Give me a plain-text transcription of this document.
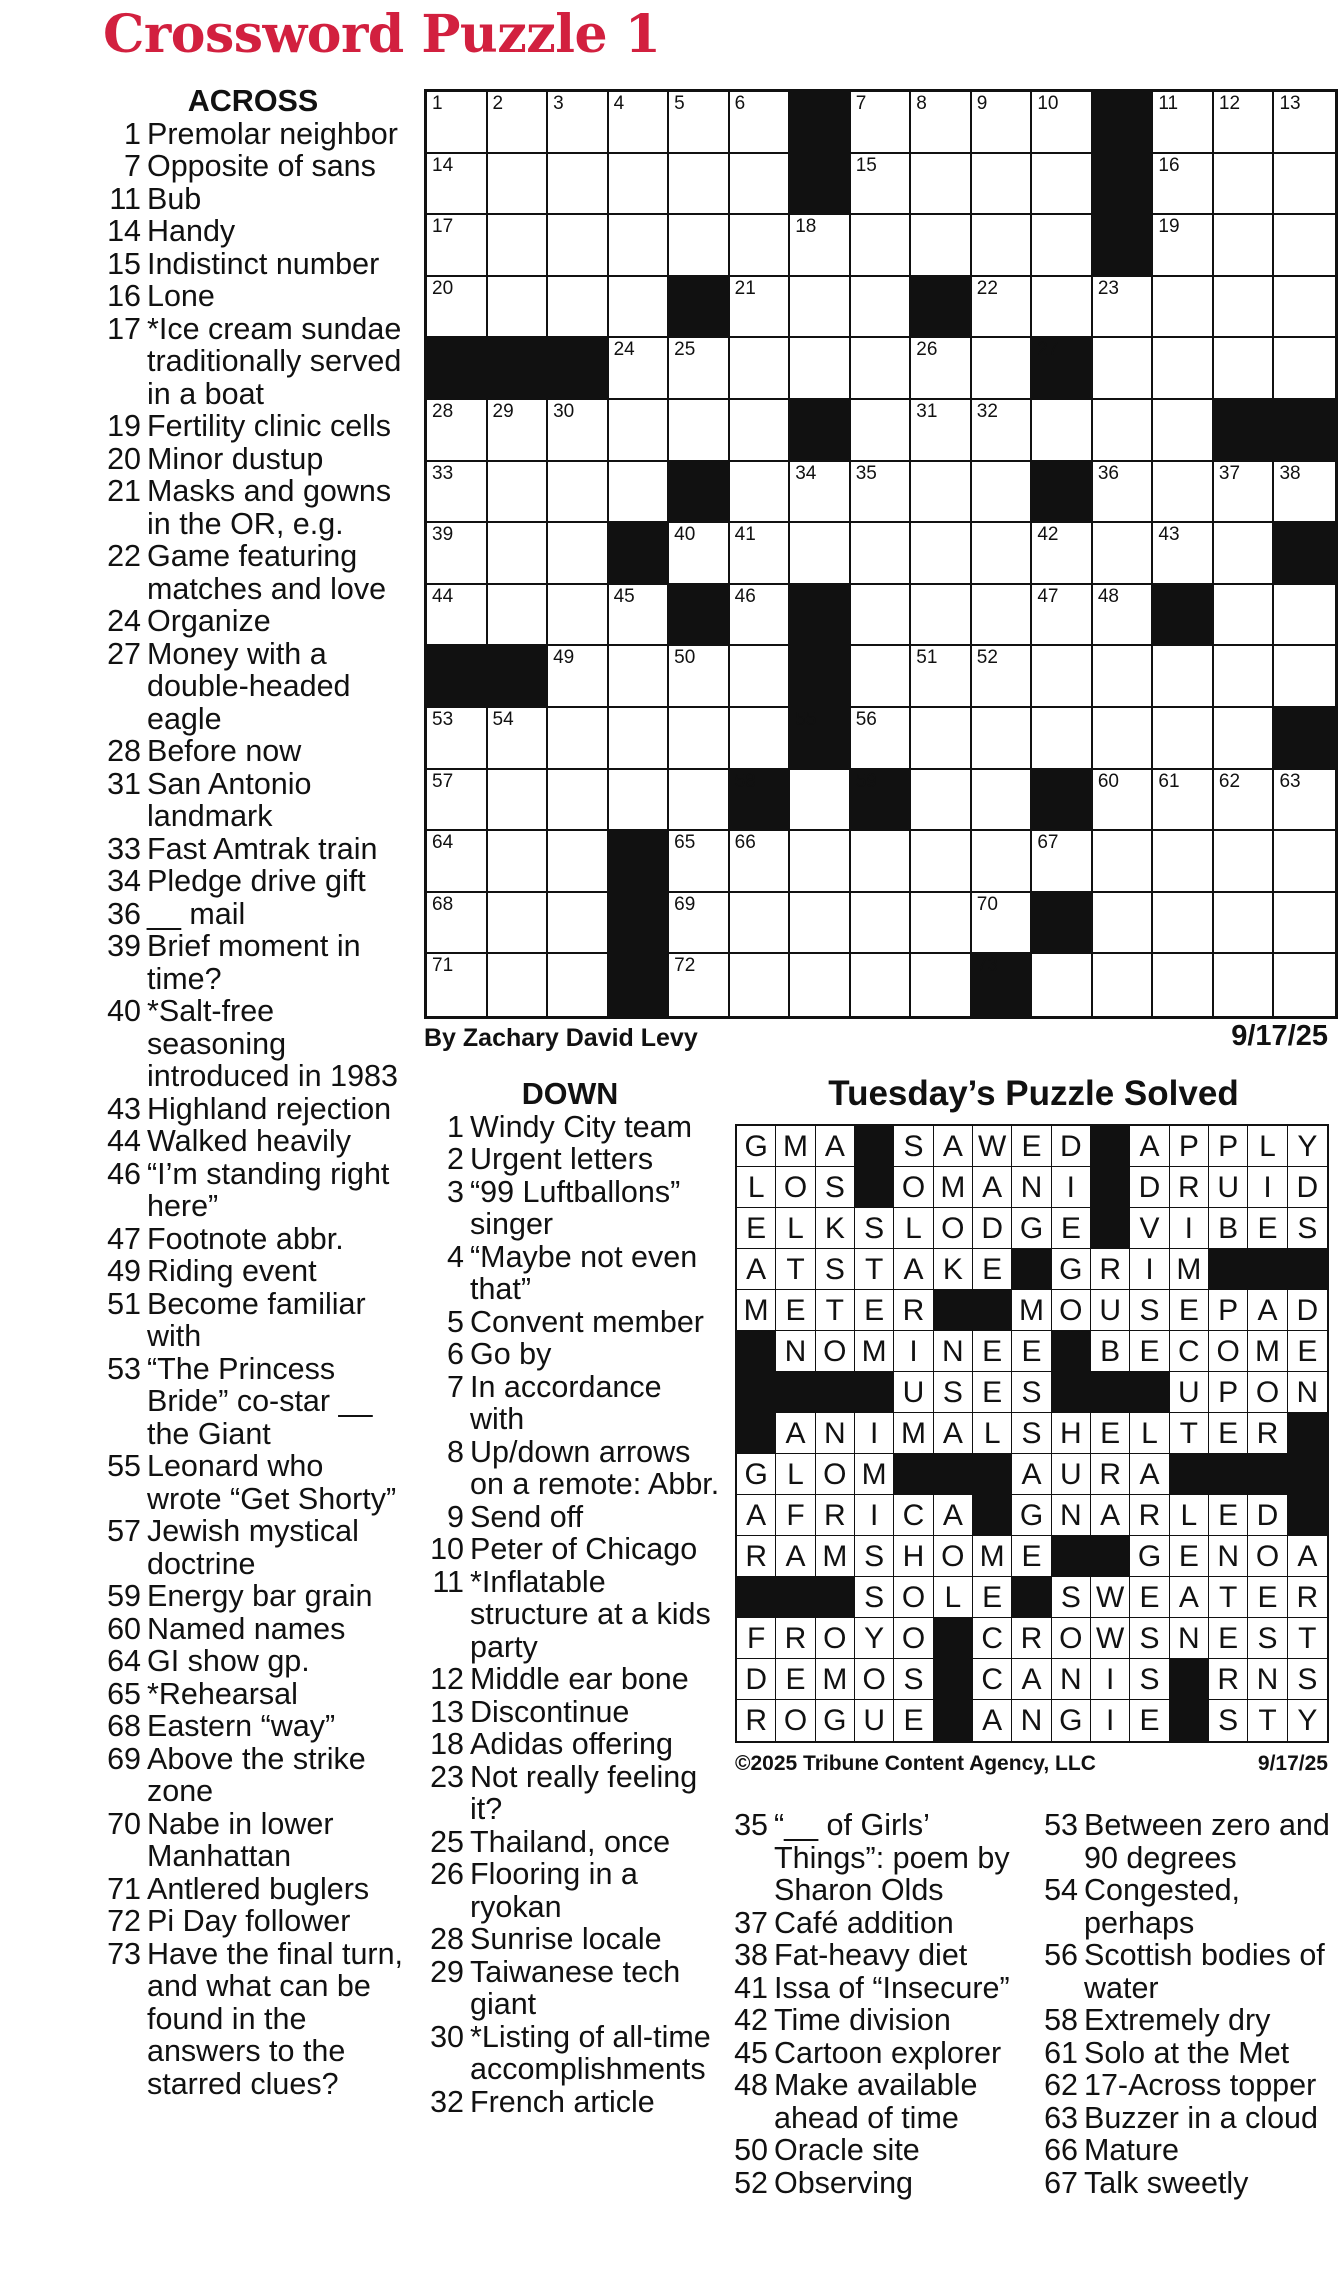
Crossword Puzzle 1
ACROSS
1 Premolar neighbor
7 Opposite of sans
11 Bub
14 Handy
15 Indistinct number
16 Lone
17 *Ice cream sundae traditionally served in a boat
19 Fertility clinic cells
20 Minor dustup
21 Masks and gowns in the OR, e.g.
22 Game featuring matches and love
24 Organize
27 Money with a double-headed eagle
28 Before now
31 San Antonio landmark
33 Fast Amtrak train
34 Pledge drive gift
36 __ mail
39 Brief moment in time?
40 *Salt-free seasoning introduced in 1983
43 Highland rejection
44 Walked heavily
46 “I’m standing right here”
47 Footnote abbr.
49 Riding event
51 Become familiar with
53 “The Princess Bride” co-star __ the Giant
55 Leonard who wrote “Get Shorty”
57 Jewish mystical doctrine
59 Energy bar grain
60 Named names
64 GI show gp.
65 *Rehearsal
68 Eastern “way”
69 Above the strike zone
70 Nabe in lower Manhattan
71 Antlered buglers
72 Pi Day follower
73 Have the final turn, and what can be found in the answers to the starred clues?
1	2	3	4	5	6	7	8	9	10	11 12 13
14	15	16
17	18	19
20	21	22	23
24 25	26	27
28 29 30	31 32
33	34 35	36	37 38
39	40 41	42	43
44	45	46	47 48
49	50	51 52
53 54	55 56
57	58	59	60 61 62 63
64	65 66	67
68	69	70
71	72	73
By Zachary David Levy	9/17/25
DOWN
1 Windy City team
2 Urgent letters
3 “99 Luftballons” singer
4 “Maybe not even that”
5 Convent member
6 Go by
7 In accordance with
8 Up/down arrows on a remote: Abbr.
9 Send off
10 Peter of Chicago
11 *Inflatable structure at a kids party
12 Middle ear bone
13 Discontinue
18 Adidas offering
23 Not really feeling it?
25 Thailand, once
26 Flooring in a ryokan
28 Sunrise locale
29 Taiwanese tech giant
30 *Listing of all-time accomplishments
32 French article
35 “__ of Girls’ Things”: poem by Sharon Olds
37 Café addition
38 Fat-heavy diet
41 Issa of “Insecure”
42 Time division
45 Cartoon explorer
48 Make available ahead of time
50 Oracle site
52 Observing
53 Between zero and 90 degrees
54 Congested, perhaps
56 Scottish bodies of water
58 Extremely dry
61 Solo at the Met
62 17-Across topper
63 Buzzer in a cloud
66 Mature
67 Talk sweetly
Tuesday’s Puzzle Solved
G M A	S A W E D	A P P L Y
L O S	O M A N I	D R U I D
E L K S L O D G E	V I B E S
A T S T A K E	G R I M
M E T E R	M O U S E P A D
N O M I N E E	B E C O M E
U S E S	U P O N
A N I M A L S H E L T E R
G L O M	A U R A
A F R I C A	G N A R L E D
R A M S H O M E	G E N O A
S O L E	S W E A T E R
F R O Y O C R O W S N E S T
D E M O S	C A N I S	R N S
R O G U E	A N G I E	S T Y
©2025 Tribune Content Agency, LLC	9/17/25
